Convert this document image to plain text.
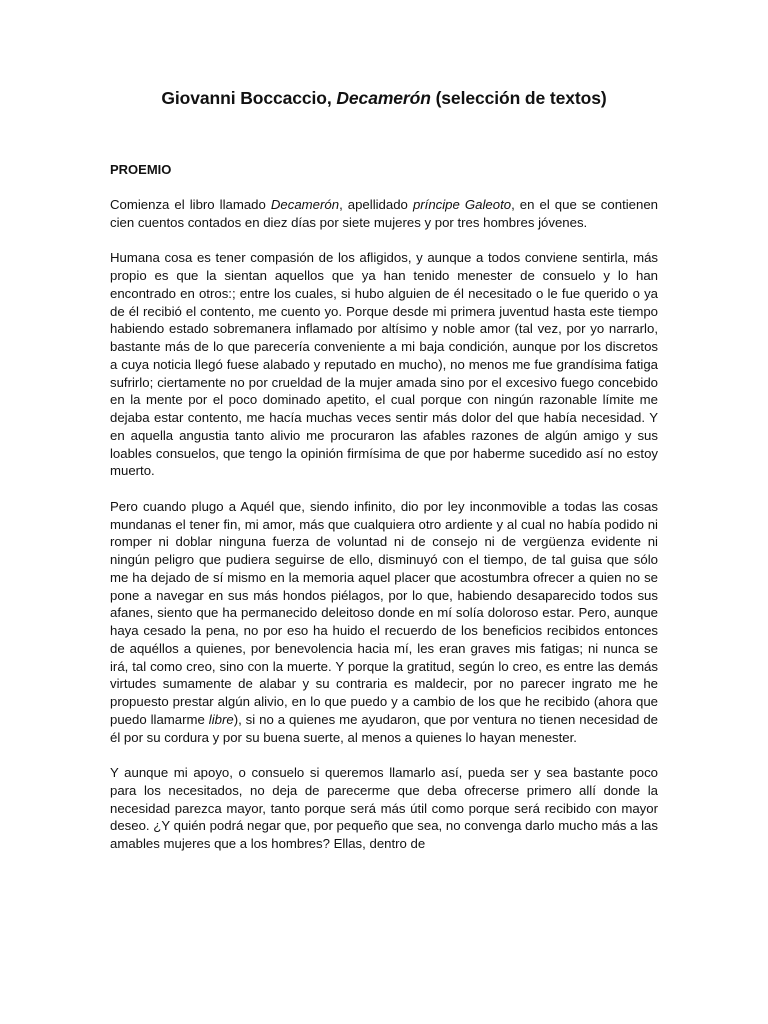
Giovanni Boccaccio, Decamerón (selección de textos)
PROEMIO

Comienza el libro llamado Decamerón, apellidado príncipe Galeoto, en el que se contienen cien cuentos contados en diez días por siete mujeres y por tres hombres jóvenes.

Humana cosa es tener compasión de los afligidos, y aunque a todos conviene sentirla, más propio es que la sientan aquellos que ya han tenido menester de consuelo y lo han encontrado en otros:; entre los cuales, si hubo alguien de él necesitado o le fue querido o ya de él recibió el contento, me cuento yo. Porque desde mi primera juventud hasta este tiempo habiendo estado sobremanera inflamado por altísimo y noble amor (tal vez, por yo narrarlo, bastante más de lo que parecería conveniente a mi baja condición, aunque por los discretos a cuya noticia llegó fuese alabado y reputado en mucho), no menos me fue grandísima fatiga sufrirlo; ciertamente no por crueldad de la mujer amada sino por el excesivo fuego concebido en la mente por el poco dominado apetito, el cual porque con ningún razonable límite me dejaba estar contento, me hacía muchas veces sentir más dolor del que había necesidad. Y en aquella angustia tanto alivio me procuraron las afables razones de algún amigo y sus loables consuelos, que tengo la opinión firmísima de que por haberme sucedido así no estoy muerto.

Pero cuando plugo a Aquél que, siendo infinito, dio por ley inconmovible a todas las cosas mundanas el tener fin, mi amor, más que cualquiera otro ardiente y al cual no había podido ni romper ni doblar ninguna fuerza de voluntad ni de consejo ni de vergüenza evidente ni ningún peligro que pudiera seguirse de ello, disminuyó con el tiempo, de tal guisa que sólo me ha dejado de sí mismo en la memoria aquel placer que acostumbra ofrecer a quien no se pone a navegar en sus más hondos piélagos, por lo que, habiendo desaparecido todos sus afanes, siento que ha permanecido deleitoso donde en mí solía doloroso estar. Pero, aunque haya cesado la pena, no por eso ha huido el recuerdo de los beneficios recibidos entonces de aquéllos a quienes, por benevolencia hacia mí, les eran graves mis fatigas; ni nunca se irá, tal como creo, sino con la muerte. Y porque la gratitud, según lo creo, es entre las demás virtudes sumamente de alabar y su contraria es maldecir, por no parecer ingrato me he propuesto prestar algún alivio, en lo que puedo y a cambio de los que he recibido (ahora que puedo llamarme libre), si no a quienes me ayudaron, que por ventura no tienen necesidad de él por su cordura y por su buena suerte, al menos a quienes lo hayan menester.

Y aunque mi apoyo, o consuelo si queremos llamarlo así, pueda ser y sea bastante poco para los necesitados, no deja de parecerme que deba ofrecerse primero allí donde la necesidad parezca mayor, tanto porque será más útil como porque será recibido con mayor deseo. ¿Y quién podrá negar que, por pequeño que sea, no convenga darlo mucho más a las amables mujeres que a los hombres? Ellas, dentro de
